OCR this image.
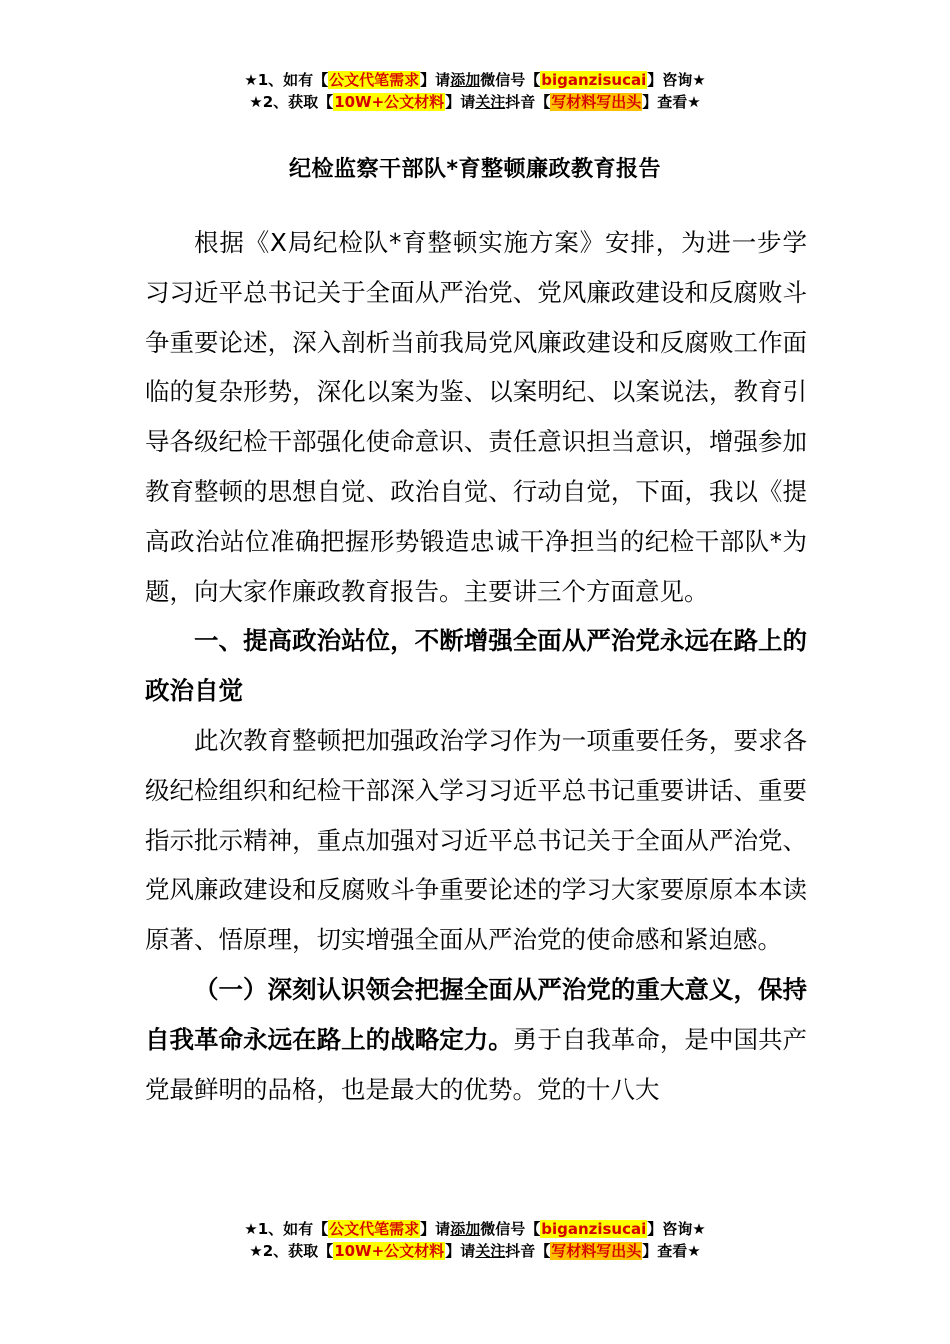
★1、如有【公文代笔需求】请添加微信号【biganzisucai】咨询★
★2、获取【10W+公文材料】请关注抖音【写材料写出头】查看★
纪检监察干部队*育整顿廉政教育报告

根据《X局纪检队*育整顿实施方案》安排，为进一步学习习近平总书记关于全面从严治党、党风廉政建设和反腐败斗争重要论述，深入剖析当前我局党风廉政建设和反腐败工作面临的复杂形势，深化以案为鉴、以案明纪、以案说法，教育引导各级纪检干部强化使命意识、责任意识担当意识，增强参加教育整顿的思想自觉、政治自觉、行动自觉，下面，我以《提高政治站位准确把握形势锻造忠诚干净担当的纪检干部队*为题，向大家作廉政教育报告。主要讲三个方面意见。

一、提高政治站位，不断增强全面从严治党永远在路上的政治自觉

此次教育整顿把加强政治学习作为一项重要任务，要求各级纪检组织和纪检干部深入学习习近平总书记重要讲话、重要指示批示精神，重点加强对习近平总书记关于全面从严治党、党风廉政建设和反腐败斗争重要论述的学习大家要原原本本读原著、悟原理，切实增强全面从严治党的使命感和紧迫感。

（一）深刻认识领会把握全面从严治党的重大意义，保持自我革命永远在路上的战略定力。勇于自我革命，是中国共产党最鲜明的品格，也是最大的优势。党的十八大

★1、如有【公文代笔需求】请添加微信号【biganzisucai】咨询★
★2、获取【10W+公文材料】请关注抖音【写材料写出头】查看★
